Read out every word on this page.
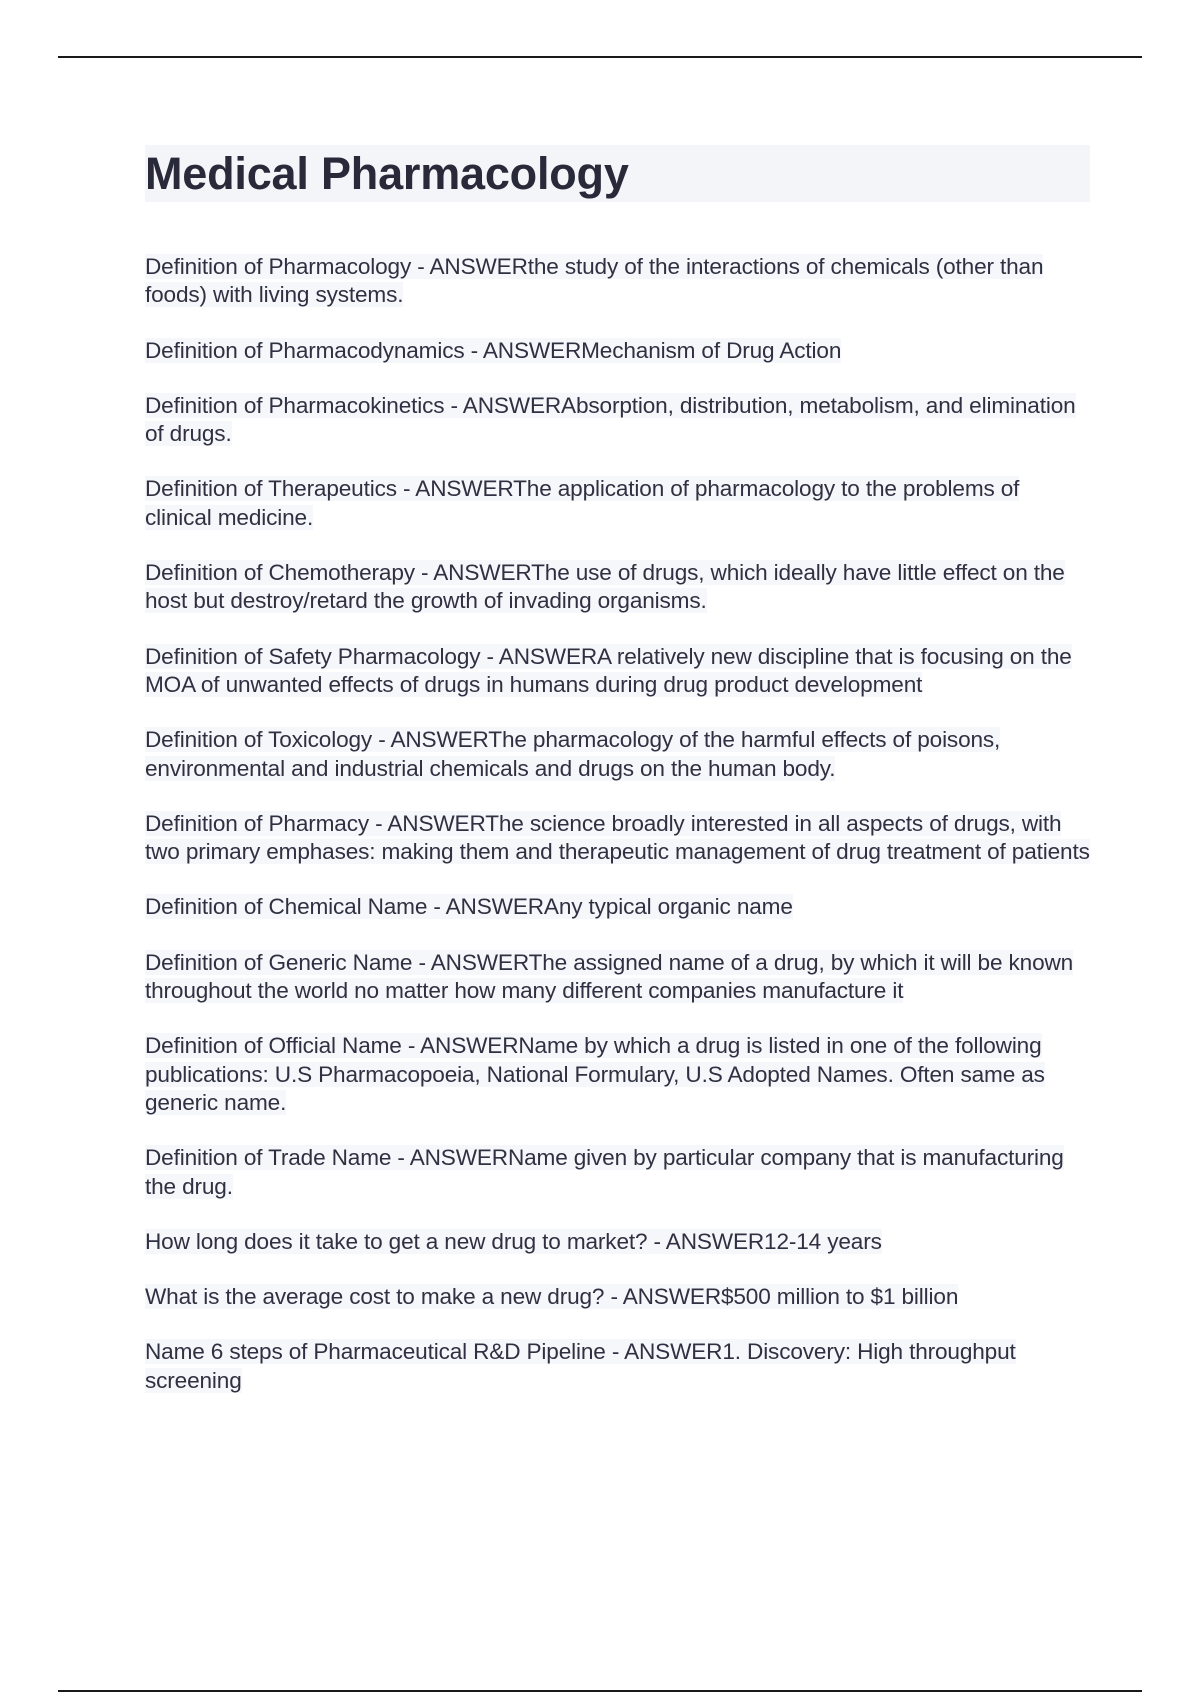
Medical Pharmacology

Definition of Pharmacology - ANSWERthe study of the interactions of chemicals (other than foods) with living systems.

Definition of Pharmacodynamics - ANSWERMechanism of Drug Action

Definition of Pharmacokinetics - ANSWERAbsorption, distribution, metabolism, and elimination of drugs.

Definition of Therapeutics - ANSWERThe application of pharmacology to the problems of clinical medicine.

Definition of Chemotherapy - ANSWERThe use of drugs, which ideally have little effect on the host but destroy/retard the growth of invading organisms.

Definition of Safety Pharmacology - ANSWERA relatively new discipline that is focusing on the MOA of unwanted effects of drugs in humans during drug product development

Definition of Toxicology - ANSWERThe pharmacology of the harmful effects of poisons, environmental and industrial chemicals and drugs on the human body.

Definition of Pharmacy - ANSWERThe science broadly interested in all aspects of drugs, with two primary emphases: making them and therapeutic management of drug treatment of patients

Definition of Chemical Name - ANSWERAny typical organic name

Definition of Generic Name - ANSWERThe assigned name of a drug, by which it will be known throughout the world no matter how many different companies manufacture it

Definition of Official Name - ANSWERName by which a drug is listed in one of the following publications: U.S Pharmacopoeia, National Formulary, U.S Adopted Names. Often same as generic name.

Definition of Trade Name - ANSWERName given by particular company that is manufacturing the drug.

How long does it take to get a new drug to market? - ANSWER12-14 years

What is the average cost to make a new drug? - ANSWER$500 million to $1 billion

Name 6 steps of Pharmaceutical R&D Pipeline - ANSWER1. Discovery: High throughput screening
